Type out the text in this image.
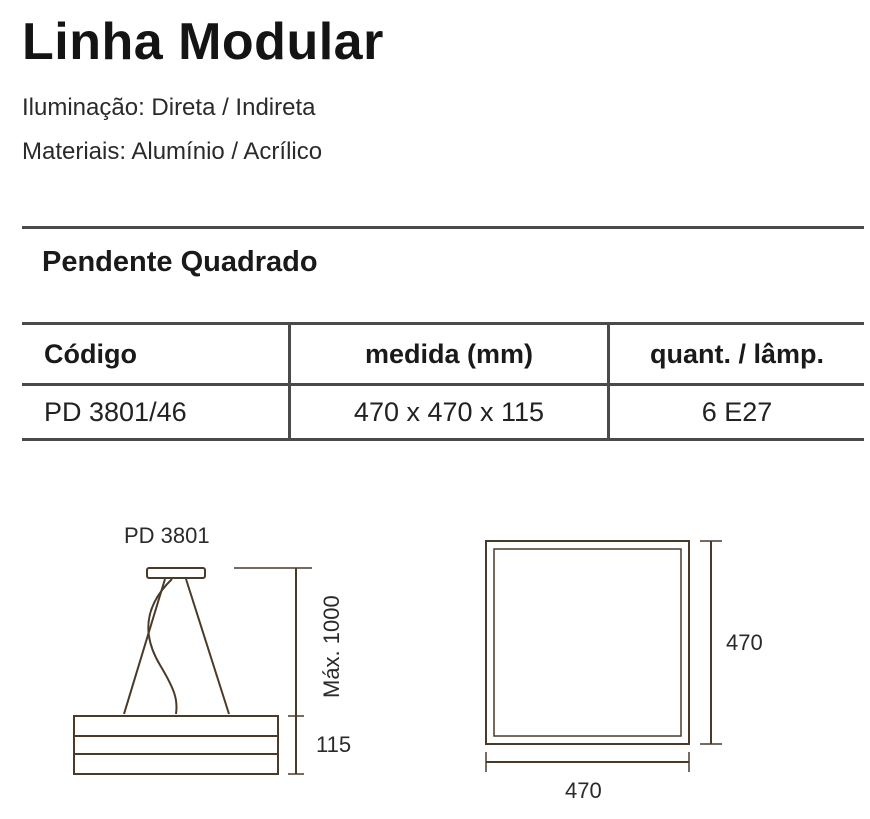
Linha Modular

Iluminação: Direta / Indireta

Materiais: Alumínio / Acrílico

Pendente Quadrado
Código	medida (mm)	quant. / lâmp.
PD 3801/46	470 x 470 x 115	6 E27
PD 3801
Máx. 1000
115
470
470
